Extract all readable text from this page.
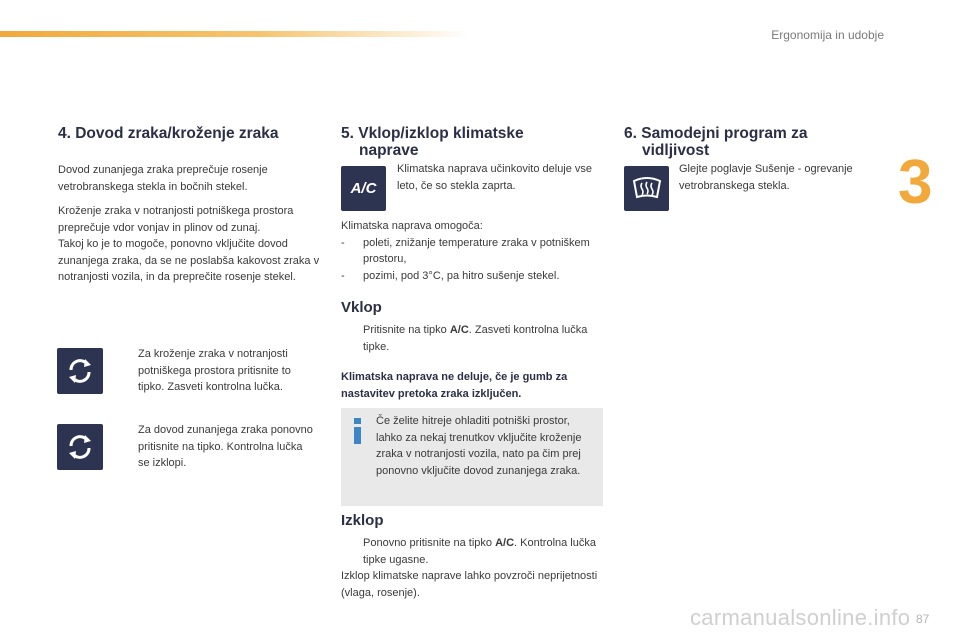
Ergonomija in udobje
3
4. Dovod zraka/kroženje zraka

Dovod zunanjega zraka preprečuje rosenje vetrobranskega stekla in bočnih stekel.

Kroženje zraka v notranjosti potniškega prostora preprečuje vdor vonjav in plinov od zunaj.

Takoj ko je to mogoče, ponovno vključite dovod zunanjega zraka, da se ne poslabša kakovost zraka v notranjosti vozila, in da preprečite rosenje stekel.

Za kroženje zraka v notranjosti potniškega prostora pritisnite to tipko. Zasveti kontrolna lučka.
Za dovod zunanjega zraka ponovno pritisnite na tipko. Kontrolna lučka se izklopi.
5. Vklop/izklop klimatske
naprave
A/C
Klimatska naprava učinkovito deluje vse leto, če so stekla zaprta.

Klimatska naprava omogoča:

- poleti, znižanje temperature zraka v potniškem prostoru,
- pozimi, pod 3°C, pa hitro sušenje stekel.
Vklop
Pritisnite na tipko A/C. Zasveti kontrolna lučka tipke.
Klimatska naprava ne deluje, če je gumb za nastavitev pretoka zraka izključen.
Če želite hitreje ohladiti potniški prostor, lahko za nekaj trenutkov vključite kroženje zraka v notranjosti vozila, nato pa čim prej ponovno vključite dovod zunanjega zraka.
Izklop
Ponovno pritisnite na tipko A/C. Kontrolna lučka tipke ugasne.
Izklop klimatske naprave lahko povzroči neprijetnosti (vlaga, rosenje).
6. Samodejni program za
vidljivost
Glejte poglavje Sušenje - ogrevanje vetrobranskega stekla.
carmanualsonline.info 87
